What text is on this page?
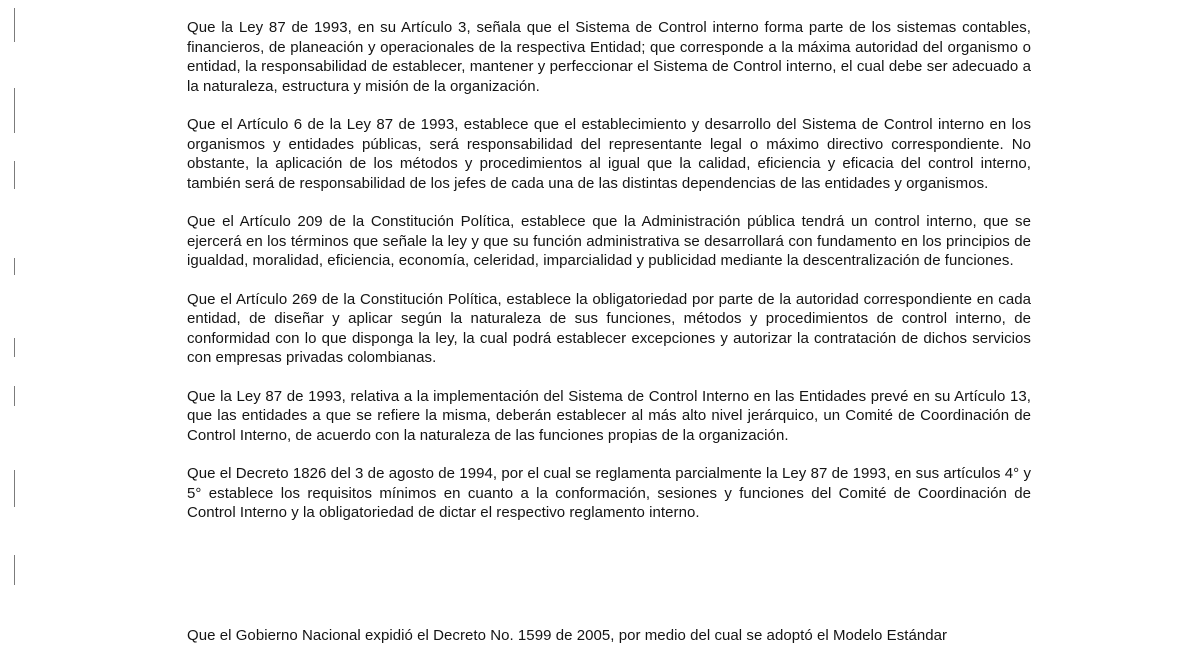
Que la Ley 87 de 1993, en su Artículo 3, señala que el Sistema de Control interno forma parte de los sistemas contables, financieros, de planeación y operacionales de la respectiva Entidad; que corresponde a la máxima autoridad del organismo o entidad, la responsabilidad de establecer, mantener y perfeccionar el Sistema de Control interno, el cual debe ser adecuado a la naturaleza, estructura y misión de la organización.

Que el Artículo 6 de la Ley 87 de 1993, establece que el establecimiento y desarrollo del Sistema de Control interno en los organismos y entidades públicas, será responsabilidad del representante legal o máximo directivo correspondiente. No obstante, la aplicación de los métodos y procedimientos al igual que la calidad, eficiencia y eficacia del control interno, también será de responsabilidad de los jefes de cada una de las distintas dependencias de las entidades y organismos.

Que el Artículo 209 de la Constitución Política, establece que la Administración pública tendrá un control interno, que se ejercerá en los términos que señale la ley y que su función administrativa se desarrollará con fundamento en los principios de igualdad, moralidad, eficiencia, economía, celeridad, imparcialidad y publicidad mediante la descentralización de funciones.

Que el Artículo 269 de la Constitución Política, establece la obligatoriedad por parte de la autoridad correspondiente en cada entidad, de diseñar y aplicar según la naturaleza de sus funciones, métodos y procedimientos de control interno, de conformidad con lo que disponga la ley, la cual podrá establecer excepciones y autorizar la contratación de dichos servicios con empresas privadas colombianas.

Que la Ley 87 de 1993, relativa a la implementación del Sistema de Control Interno en las Entidades prevé en su Artículo 13, que las entidades a que se refiere la misma, deberán establecer al más alto nivel jerárquico, un Comité de Coordinación de Control Interno, de acuerdo con la naturaleza de las funciones propias de la organización.

Que el Decreto 1826 del 3 de agosto de 1994, por el cual se reglamenta parcialmente la Ley 87 de 1993, en sus artículos 4° y 5° establece los requisitos mínimos en cuanto a la conformación, sesiones y funciones del Comité de Coordinación de Control Interno y la obligatoriedad de dictar el respectivo reglamento interno.

Que el Gobierno Nacional expidió el Decreto No. 1599 de 2005, por medio del cual se adoptó el Modelo Estándar
